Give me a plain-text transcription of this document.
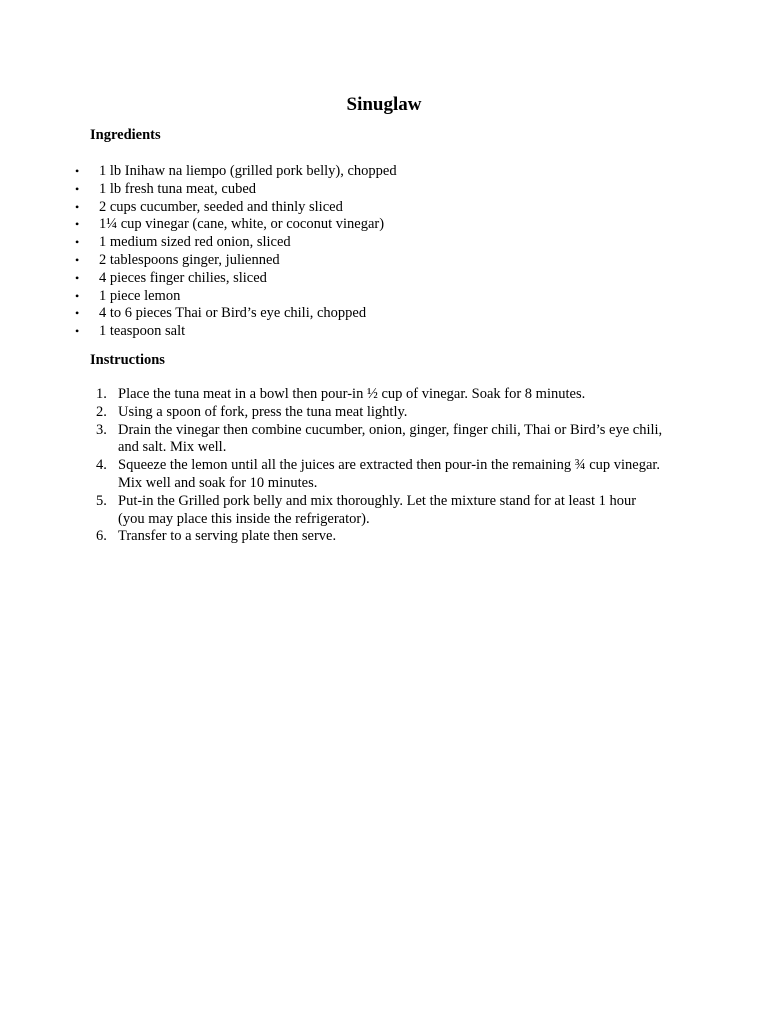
Sinuglaw
Ingredients
• 1 lb Inihaw na liempo (grilled pork belly), chopped
• 1 lb fresh tuna meat, cubed
• 2 cups cucumber, seeded and thinly sliced
• 1¼ cup vinegar (cane, white, or coconut vinegar)
• 1 medium sized red onion, sliced
• 2 tablespoons ginger, julienned
• 4 pieces finger chilies, sliced
• 1 piece lemon
• 4 to 6 pieces Thai or Bird’s eye chili, chopped
• 1 teaspoon salt
Instructions
1. Place the tuna meat in a bowl then pour-in ½ cup of vinegar. Soak for 8 minutes.
2. Using a spoon of fork, press the tuna meat lightly.
3. Drain the vinegar then combine cucumber, onion, ginger, finger chili, Thai or Bird’s eye chili, and salt. Mix well.
4. Squeeze the lemon until all the juices are extracted then pour-in the remaining ¾ cup vinegar. Mix well and soak for 10 minutes.
5. Put-in the Grilled pork belly and mix thoroughly. Let the mixture stand for at least 1 hour (you may place this inside the refrigerator).
6. Transfer to a serving plate then serve.
